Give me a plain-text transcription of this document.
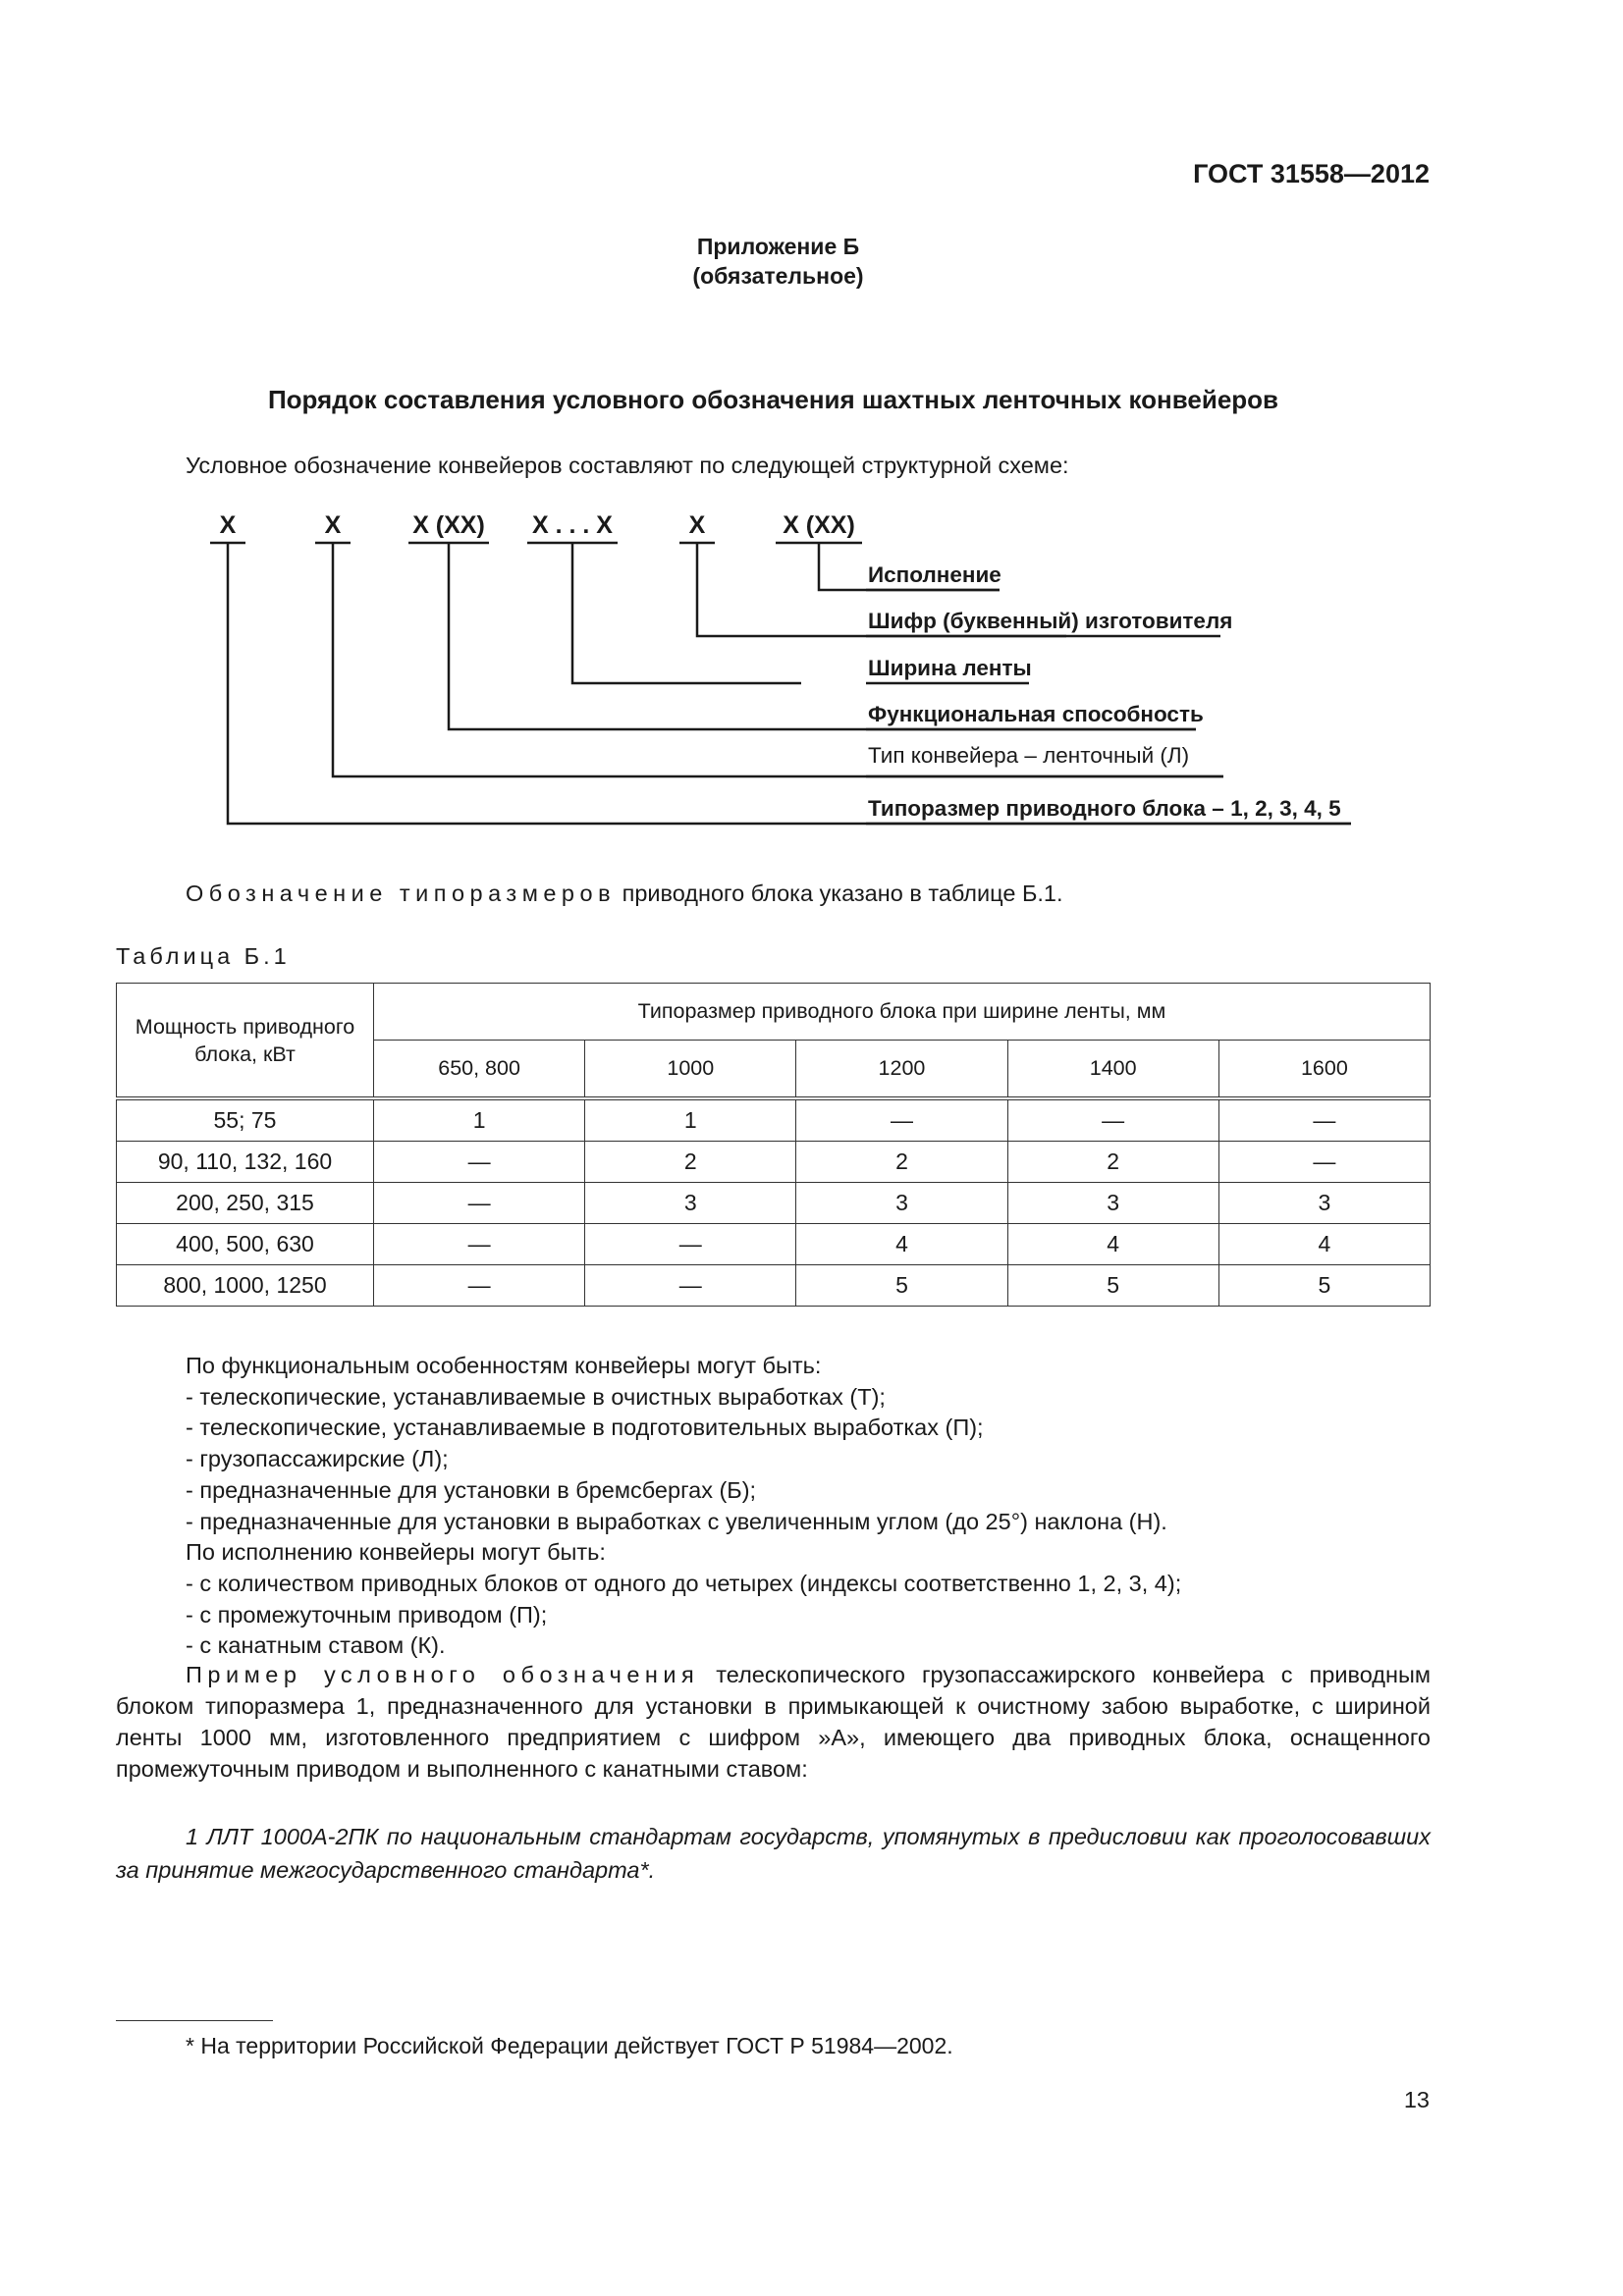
ГОСТ 31558—2012
Приложение Б
(обязательное)
Порядок составления условного обозначения шахтных ленточных конвейеров
Условное обозначение конвейеров составляют по следующей структурной схеме:
X	X	X (XX) X . . . X	X	X (XX)
Исполнение
Шифр (буквенный) изготовителя
Ширина ленты
Функциональная способность
Тип конвейера – ленточный (Л)
Типоразмер приводного блока – 1, 2, 3, 4, 5
Обозначение типоразмеров приводного блока указано в таблице Б.1.
Таблица Б.1
Мощность приводного блока, кВт	Типоразмер приводного блока при ширине ленты, мм				
	650, 800	1000	1200	1400	1600
55; 75	1	1	—	—	—
90, 110, 132, 160	—	2	2	2	—
200, 250, 315	—	3	3	3	3
400, 500, 630	—	—	4	4	4
800, 1000, 1250	—	—	5	5	5
По функциональным особенностям конвейеры могут быть:
- телескопические, устанавливаемые в очистных выработках (Т);
- телескопические, устанавливаемые в подготовительных выработках (П);
- грузопассажирские (Л);
- предназначенные для установки в бремсбергах (Б);
- предназначенные для установки в выработках с увеличенным углом (до 25°) наклона (Н).
По исполнению конвейеры могут быть:
- с количеством приводных блоков от одного до четырех (индексы соответственно 1, 2, 3, 4);
- с промежуточным приводом (П);
- с канатным ставом (К).
Пример условного обозначения телескопического грузопассажирского конвейера с приводным блоком типоразмера 1, предназначенного для установки в примыкающей к очистному забою выработке, с шириной ленты 1000 мм, изготовленного предприятием с шифром »А», имеющего два приводных блока, оснащенного промежуточным приводом и выполненного с канатными ставом:
1 ЛЛТ 1000А-2ПК по национальным стандартам государств, упомянутых в предисловии как проголосовавших за принятие межгосударственного стандарта*.
* На территории Российской Федерации действует ГОСТ Р 51984—2002.
13
